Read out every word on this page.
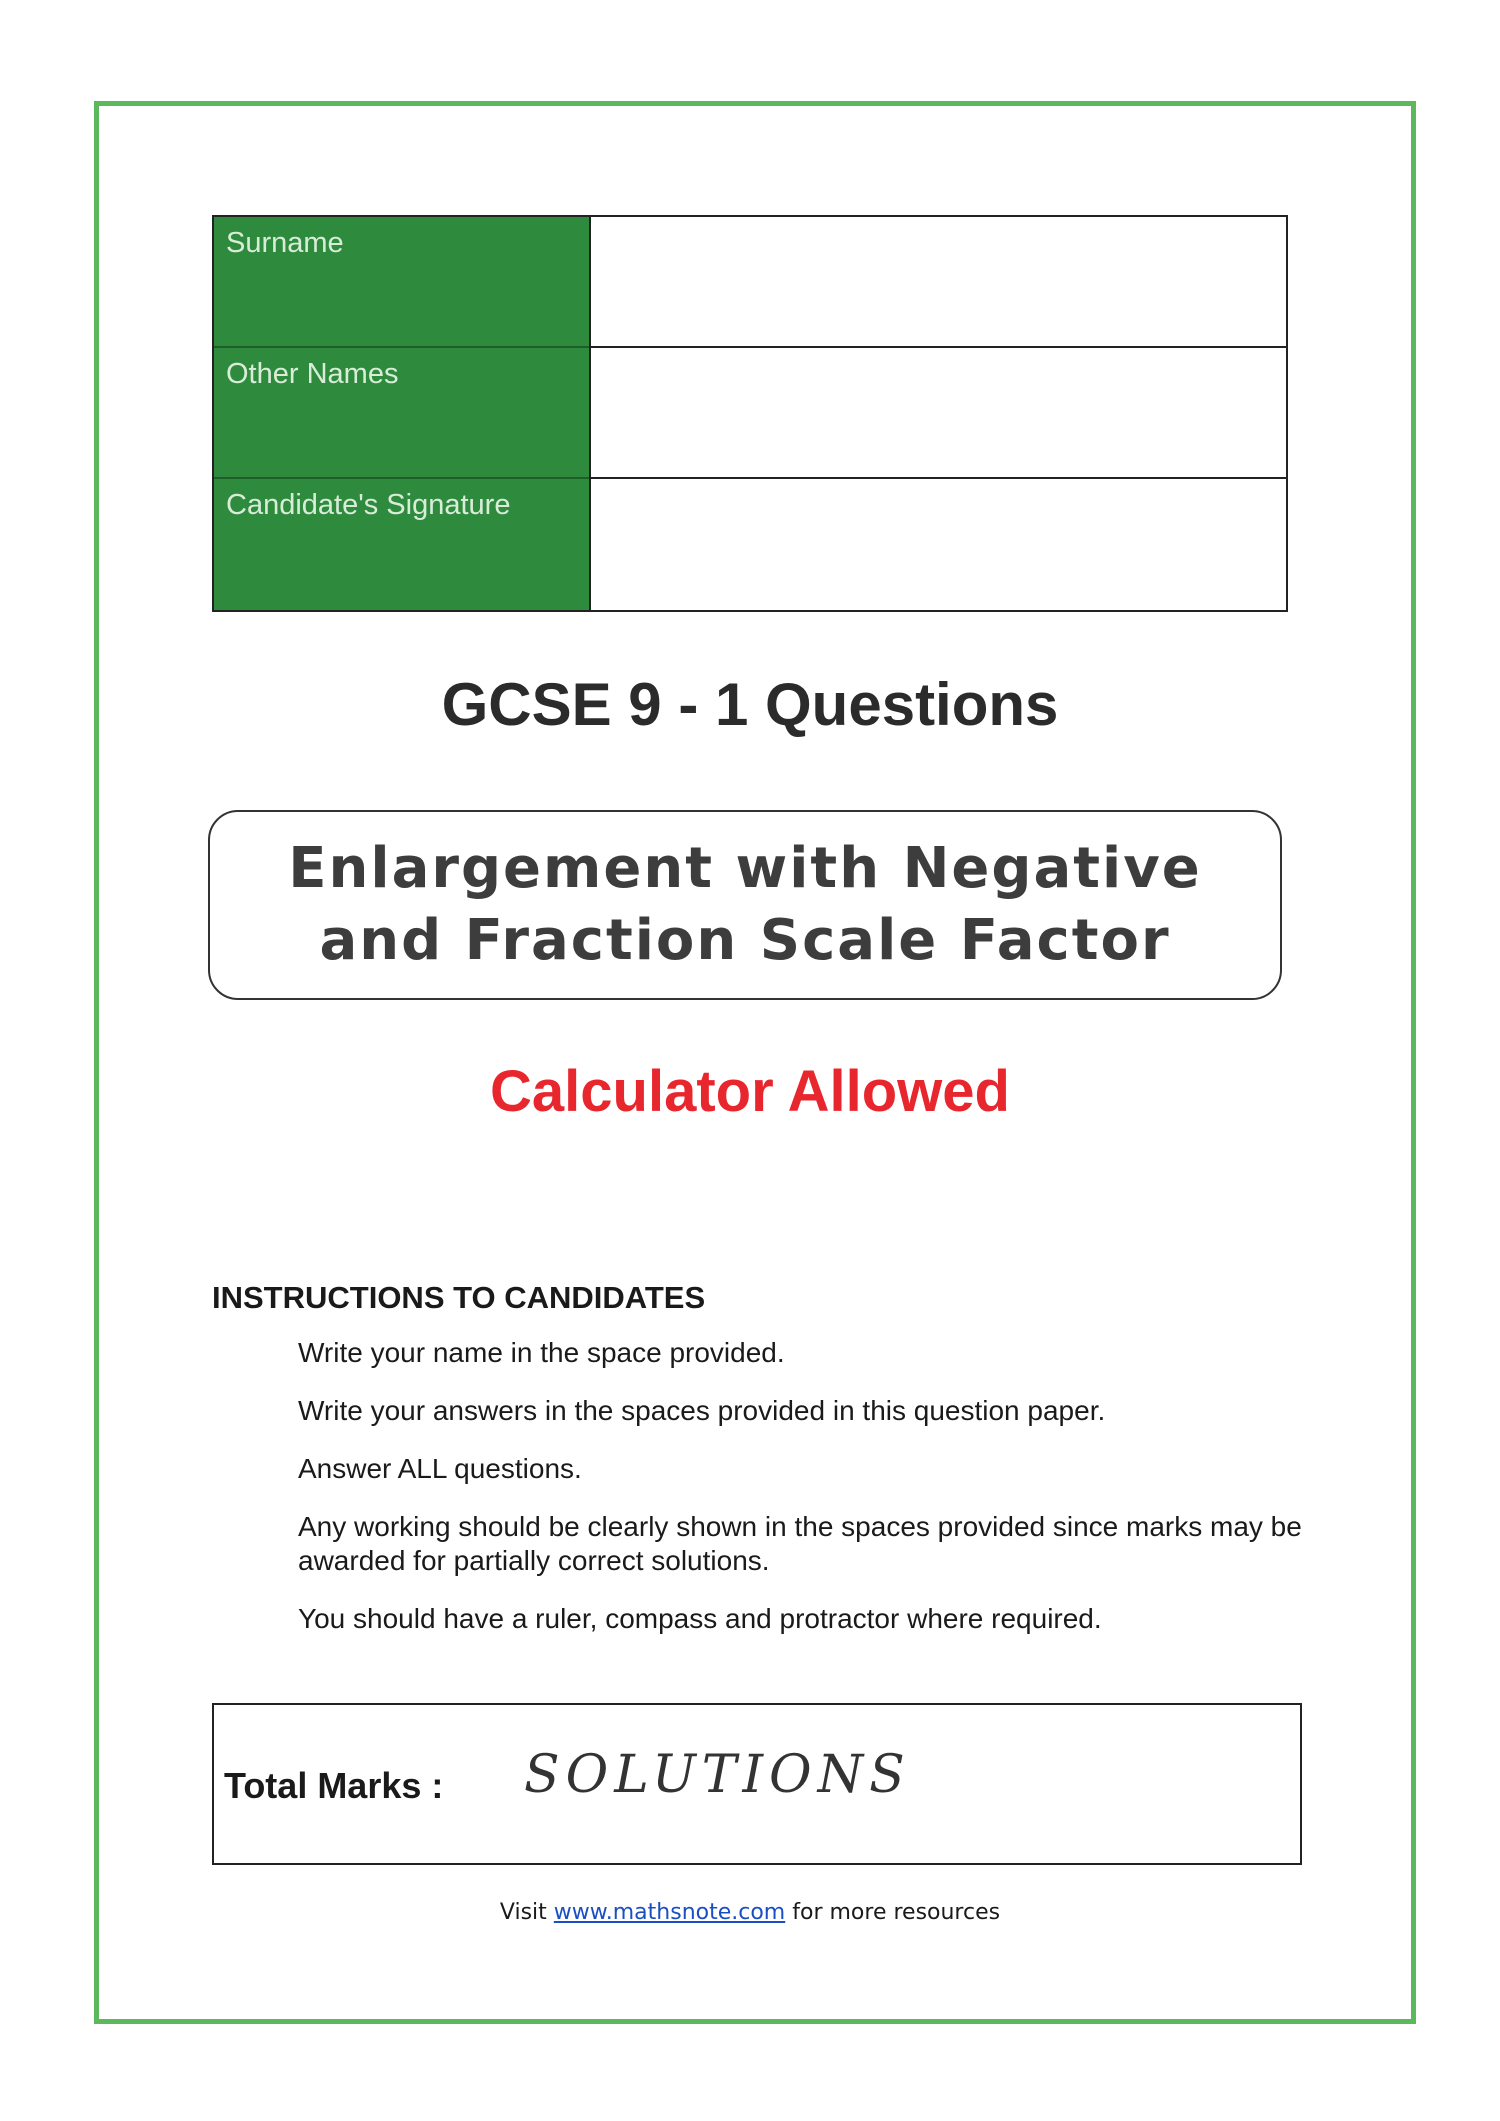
Surname
Other Names
Candidate's Signature
GCSE 9 - 1 Questions
Enlargement with Negative
and Fraction Scale Factor
Calculator Allowed
INSTRUCTIONS TO CANDIDATES
Write your name in the space provided.
Write your answers in the spaces provided in this question paper.
Answer ALL questions.
Any working should be clearly shown in the spaces provided since marks may be awarded for partially correct solutions.
You should have a ruler, compass and protractor where required.
Total Marks : SOLUTIONS
Visit www.mathsnote.com for more resources
